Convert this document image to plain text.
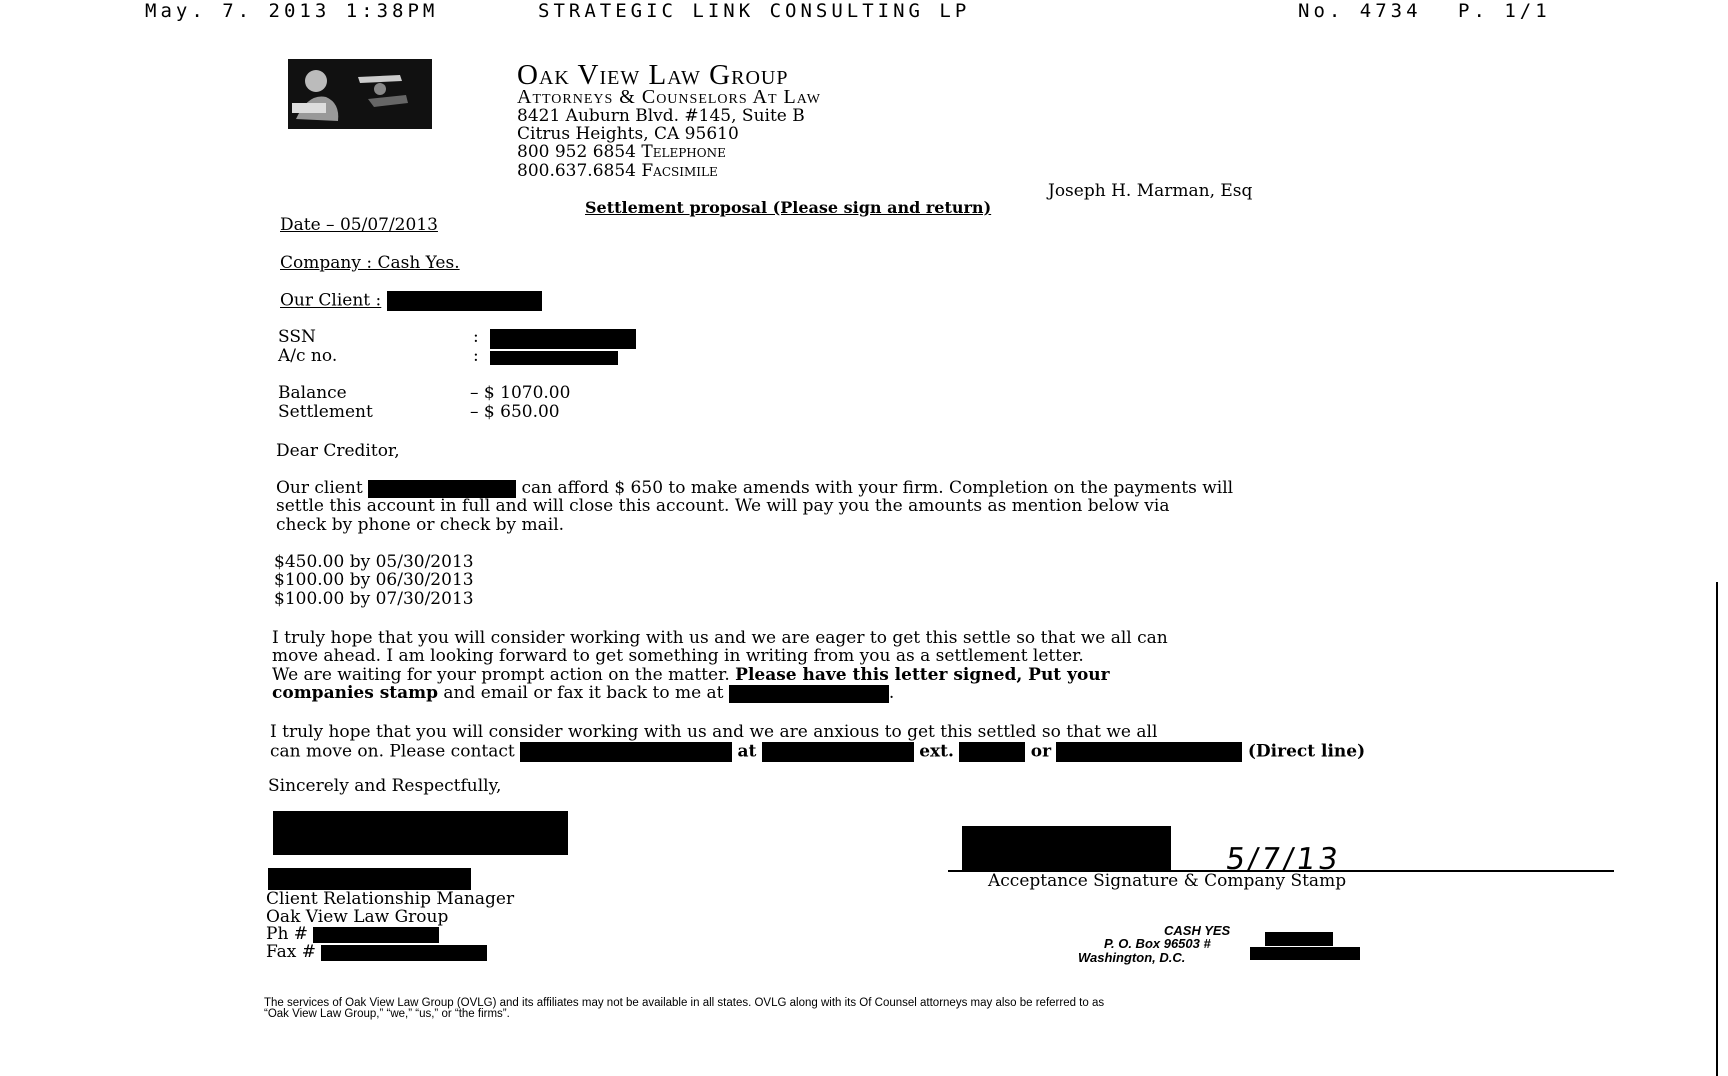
May. 7. 2013 1:38PM	STRATEGIC LINK CONSULTING LP	No. 4734 P. 1/1
Oak View Law Group
Attorneys & Counselors At Law
8421 Auburn Blvd. #145, Suite B
Citrus Heights, CA 95610
800 952 6854 Telephone
800.637.6854 Facsimile
Joseph H. Marman, Esq
Settlement proposal (Please sign and return)
Date – 05/07/2013
Company : Cash Yes.
Our Client :
SSN	:
A/c no.	:
Balance	– $ 1070.00
Settlement	– $ 650.00
Dear Creditor,
Our client	can afford $ 650 to make amends with your firm. Completion on the payments will
settle this account in full and will close this account. We will pay you the amounts as mention below via
check by phone or check by mail.
$450.00 by 05/30/2013
$100.00 by 06/30/2013
$100.00 by 07/30/2013
I truly hope that you will consider working with us and we are eager to get this settle so that we all can
move ahead. I am looking forward to get something in writing from you as a settlement letter.
We are waiting for your prompt action on the matter. Please have this letter signed, Put your
companies stamp and email or fax it back to me at	.
I truly hope that you will consider working with us and we are anxious to get this settled so that we all
can move on. Please contact	at	ext.	or	(Direct line)
Sincerely and Respectfully,
Client Relationship Manager
Oak View Law Group
Ph #
Fax #
5/7/13
Acceptance Signature & Company Stamp
CASH YES
P. O. Box 96503 #
Washington, D.C.
The services of Oak View Law Group (OVLG) and its affiliates may not be available in all states. OVLG along with its Of Counsel attorneys may also be referred to as
“Oak View Law Group,” “we,” “us,” or “the firms”.
